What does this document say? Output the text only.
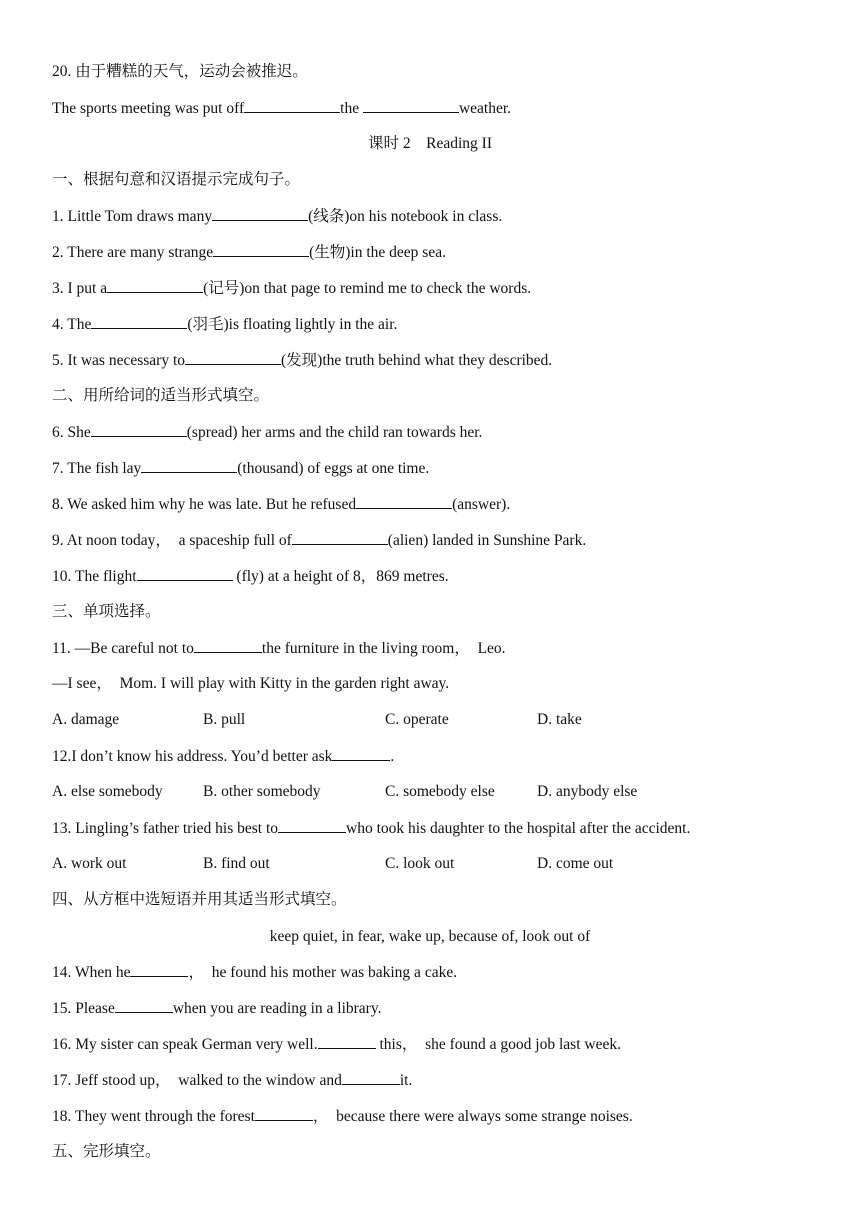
20. 由于糟糕的天气，运动会被推迟。
The sports meeting was put off	the	weather.
课时 2　Reading II
一、根据句意和汉语提示完成句子。
1. Little Tom draws many	(线条)on his notebook in class.
2. There are many strange	(生物)in the deep sea.
3. I put a	(记号)on that page to remind me to check the words.
4. The	(羽毛)is floating lightly in the air.
5. It was necessary to	(发现)the truth behind what they described.
二、用所给词的适当形式填空。
6. She	(spread) her arms and the child ran towards her.
7. The fish lay	(thousand) of eggs at one time.
8. We asked him why he was late. But he refused	(answer).
9. At noon today，　a spaceship full of	(alien) landed in Sunshine Park.
10. The flight	(fly) at a height of 8，869 metres.
三、单项选择。
11. —Be careful not to	the furniture in the living room，　Leo.
—I see，　Mom. I will play with Kitty in the garden right away.
A. damage	B. pull	C. operate	D. take
12.I don’t know his address. You’d better ask	.
A. else somebody	B. other somebody	C. somebody else	D. anybody else
13. Lingling’s father tried his best to	who took his daughter to the hospital after the accident.
A. work out	B. find out	C. look out	D. come out
四、从方框中选短语并用其适当形式填空。
keep quiet, in fear, wake up, because of, look out of
14. When he	，　he found his mother was baking a cake.
15. Please	when you are reading in a library.
16. My sister can speak German very well.	this，　she found a good job last week.
17. Jeff stood up，　walked to the window and	it.
18. They went through the forest	，　because there were always some strange noises.
五、完形填空。
